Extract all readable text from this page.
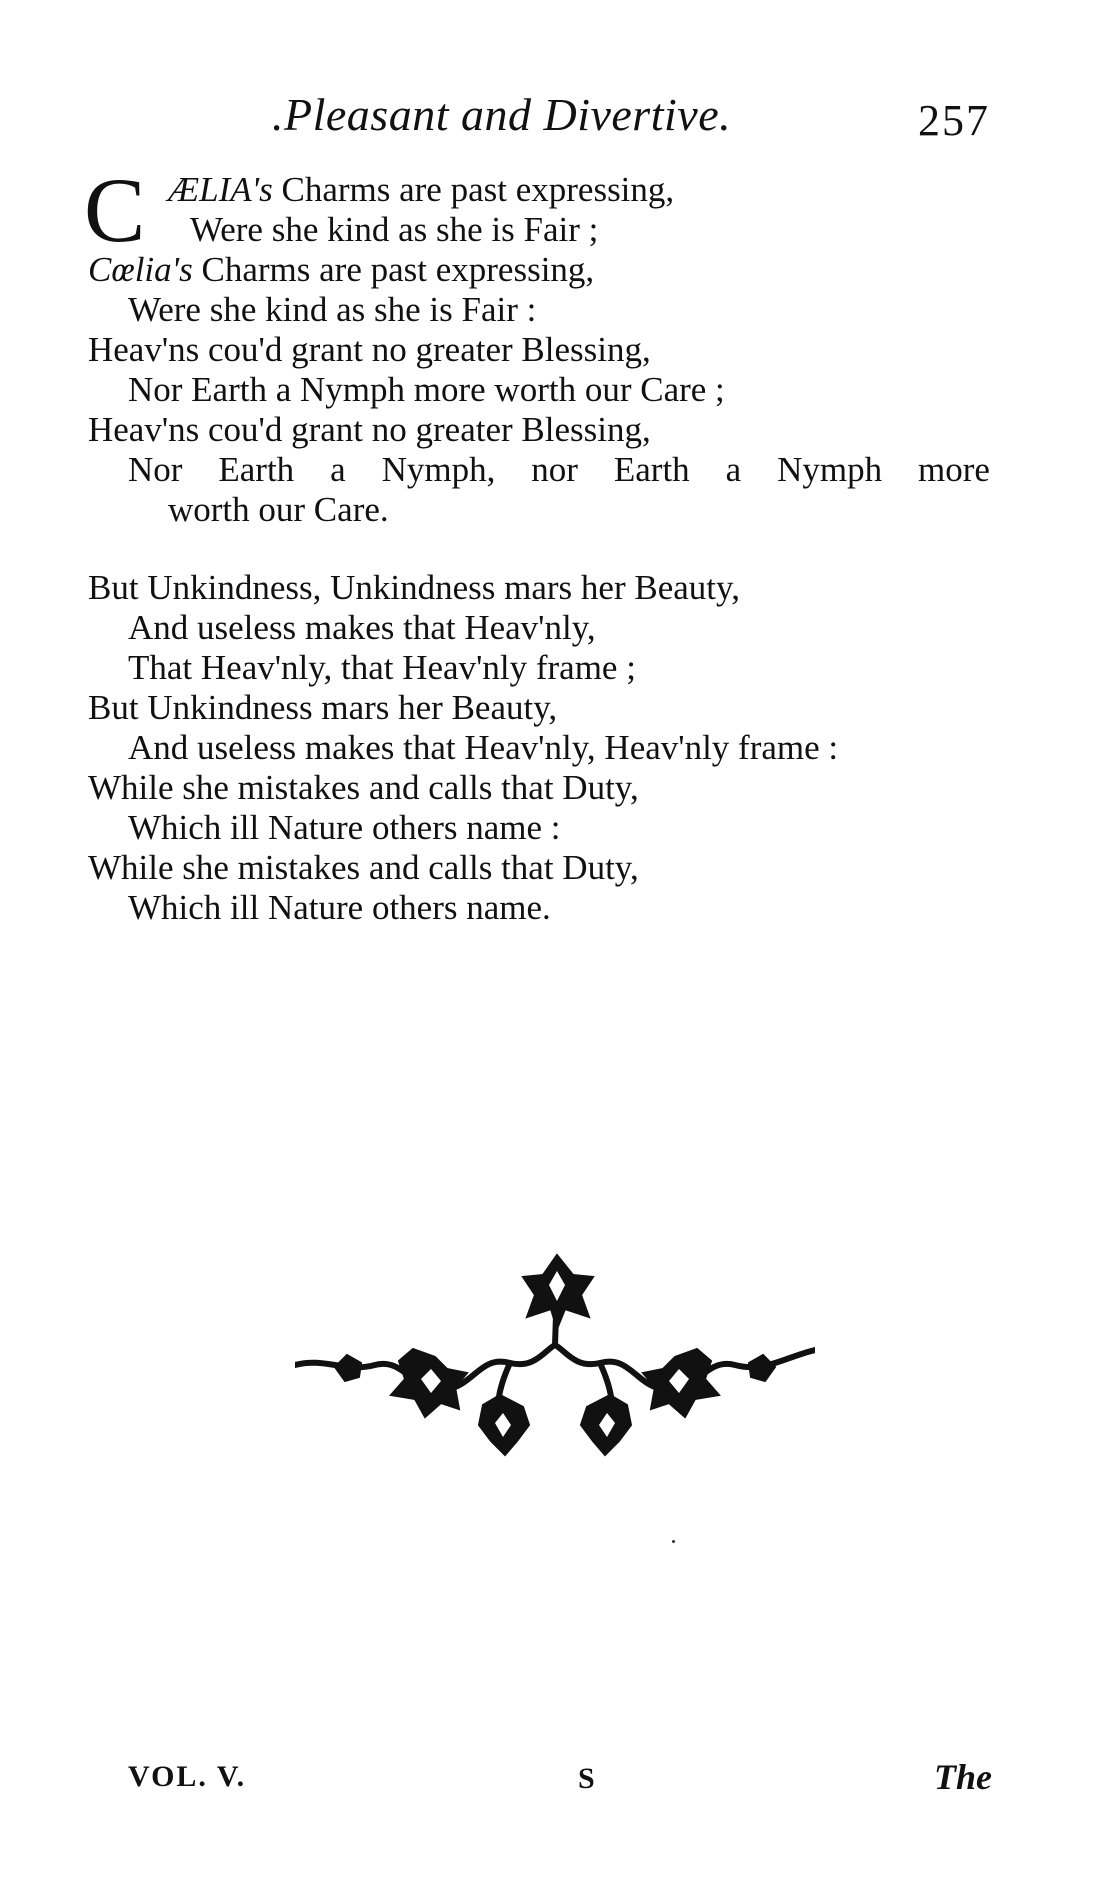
.Pleasant and Divertive.	257
C ÆLIA's Charms are past expressing,
Were she kind as she is Fair ;
Cœlia's Charms are past expressing,
Were she kind as she is Fair :
Heav'ns cou'd grant no greater Blessing,
Nor Earth a Nymph more worth our Care ;
Heav'ns cou'd grant no greater Blessing,
Nor Earth a Nymph, nor Earth a Nymph more
worth our Care.
But Unkindness, Unkindness mars her Beauty,
And useless makes that Heav'nly,
That Heav'nly, that Heav'nly frame ;
But Unkindness mars her Beauty,
And useless makes that Heav'nly, Heav'nly frame :
While she mistakes and calls that Duty,
Which ill Nature others name :
While she mistakes and calls that Duty,
Which ill Nature others name.
VOL. V.	S	The
